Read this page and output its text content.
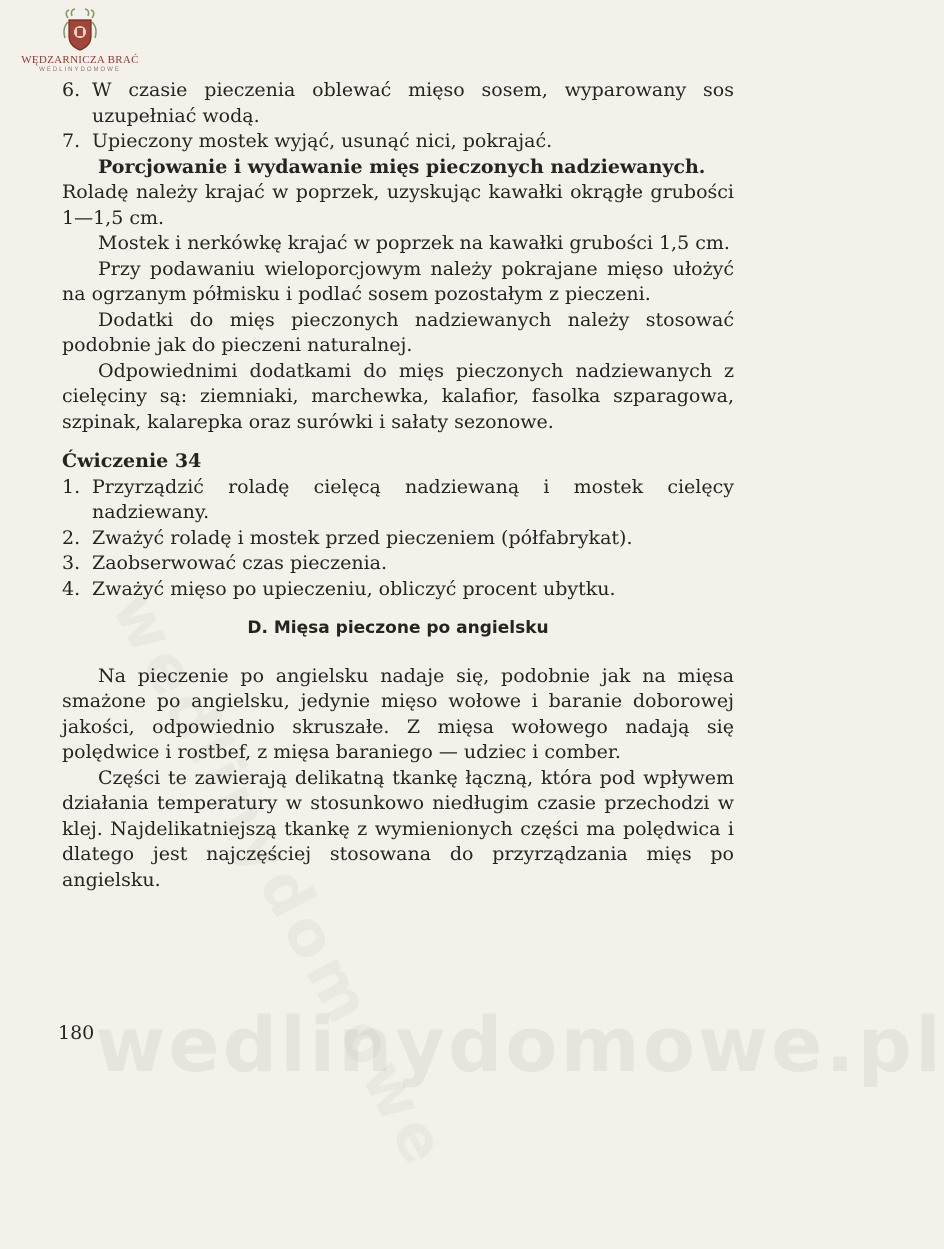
WĘDZARNICZA BRAĆ
WEDLINYDOMOWE

6. W czasie pieczenia oblewać mięso sosem, wyparowany sos uzupełniać wodą.

7. Upieczony mostek wyjąć, usunąć nici, pokrajać.

Porcjowanie i wydawanie mięs pieczonych nadziewanych.

Roladę należy krajać w poprzek, uzyskując kawałki okrągłe grubości 1—1,5 cm.

Mostek i nerkówkę krajać w poprzek na kawałki grubości 1,5 cm.

Przy podawaniu wieloporcjowym należy pokrajane mięso ułożyć na ogrzanym półmisku i podlać sosem pozostałym z pieczeni.

Dodatki do mięs pieczonych nadziewanych należy stosować podobnie jak do pieczeni naturalnej.

Odpowiednimi dodatkami do mięs pieczonych nadziewanych z cielęciny są: ziemniaki, marchewka, kalafior, fasolka szparagowa, szpinak, kalarepka oraz surówki i sałaty sezonowe.

Ćwiczenie 34

1. Przyrządzić roladę cielęcą nadziewaną i mostek cielęcy nadziewany.

2. Zważyć roladę i mostek przed pieczeniem (półfabrykat).

3. Zaobserwować czas pieczenia.

4. Zważyć mięso po upieczeniu, obliczyć procent ubytku.

D. Mięsa pieczone po angielsku

Na pieczenie po angielsku nadaje się, podobnie jak na mięsa smażone po angielsku, jedynie mięso wołowe i baranie doborowej jakości, odpowiednio skruszałe. Z mięsa wołowego nadają się polędwice i rostbef, z mięsa baraniego — udziec i comber.

Części te zawierają delikatną tkankę łączną, która pod wpływem działania temperatury w stosunkowo niedługim czasie przechodzi w klej. Najdelikatniejszą tkankę z wymienionych części ma polędwica i dlatego jest najczęściej stosowana do przyrządzania mięs po angielsku.

wedlinydomowe.pl
180
